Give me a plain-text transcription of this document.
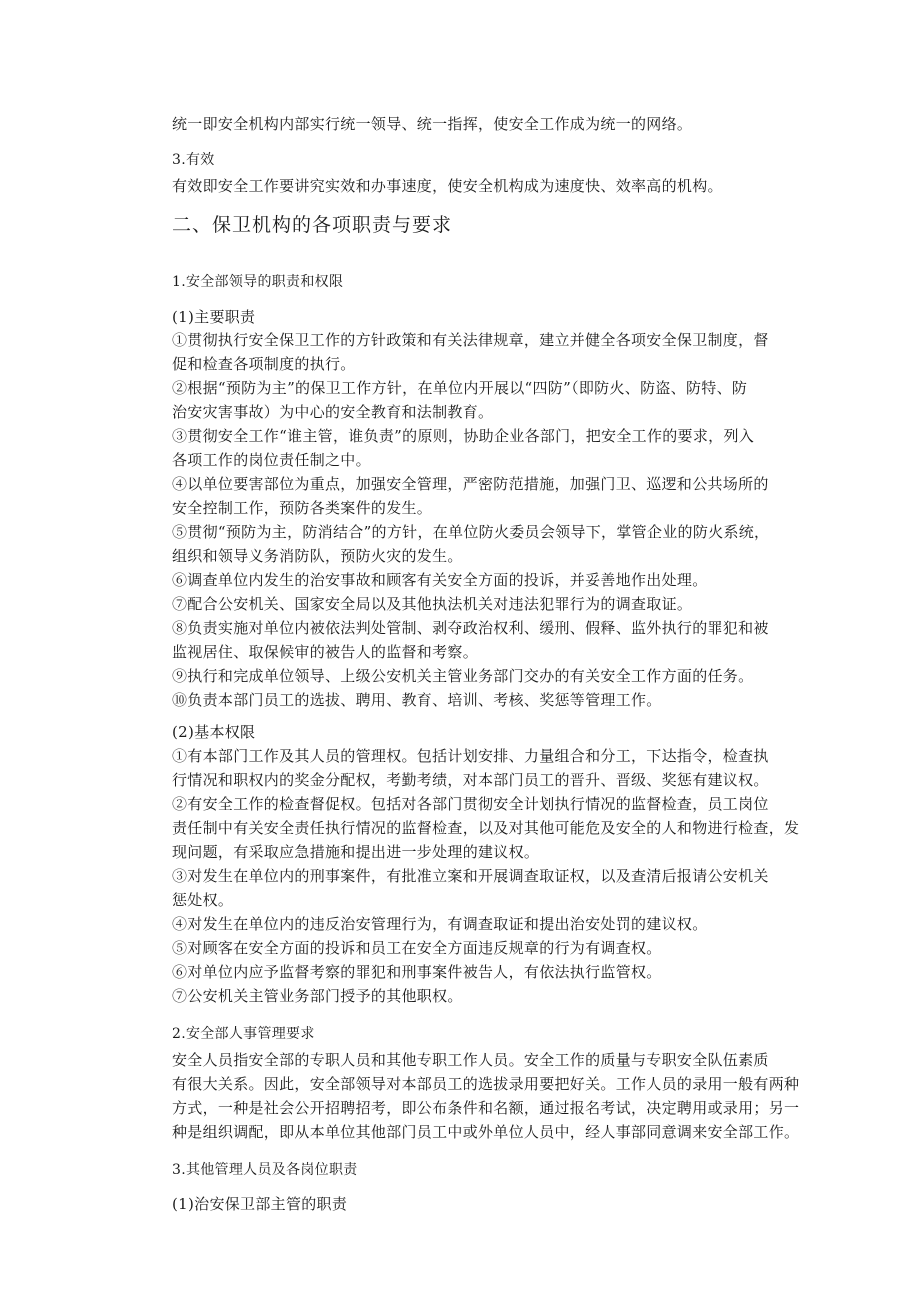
统一即安全机构内部实行统一领导、统一指挥，使安全工作成为统一的网络。
3.有效
有效即安全工作要讲究实效和办事速度，使安全机构成为速度快、效率高的机构。
二、保卫机构的各项职责与要求
1.安全部领导的职责和权限
(1)主要职责
①贯彻执行安全保卫工作的方针政策和有关法律规章，建立并健全各项安全保卫制度，督
促和检查各项制度的执行。
②根据“预防为主”的保卫工作方针，在单位内开展以“四防”（即防火、防盗、防特、防
治安灾害事故）为中心的安全教育和法制教育。
③贯彻安全工作“谁主管，谁负责”的原则，协助企业各部门，把安全工作的要求，列入
各项工作的岗位责任制之中。
④以单位要害部位为重点，加强安全管理，严密防范措施，加强门卫、巡逻和公共场所的
安全控制工作，预防各类案件的发生。
⑤贯彻“预防为主，防消结合”的方针，在单位防火委员会领导下，掌管企业的防火系统，
组织和领导义务消防队，预防火灾的发生。
⑥调查单位内发生的治安事故和顾客有关安全方面的投诉，并妥善地作出处理。
⑦配合公安机关、国家安全局以及其他执法机关对违法犯罪行为的调查取证。
⑧负责实施对单位内被依法判处管制、剥夺政治权利、缓刑、假释、监外执行的罪犯和被
监视居住、取保候审的被告人的监督和考察。
⑨执行和完成单位领导、上级公安机关主管业务部门交办的有关安全工作方面的任务。
⑩负责本部门员工的选拔、聘用、教育、培训、考核、奖惩等管理工作。
(2)基本权限
①有本部门工作及其人员的管理权。包括计划安排、力量组合和分工，下达指令，检查执
行情况和职权内的奖金分配权，考勤考绩，对本部门员工的晋升、晋级、奖惩有建议权。
②有安全工作的检查督促权。包括对各部门贯彻安全计划执行情况的监督检查，员工岗位
责任制中有关安全责任执行情况的监督检查，以及对其他可能危及安全的人和物进行检查，发
现问题，有采取应急措施和提出进一步处理的建议权。
③对发生在单位内的刑事案件，有批准立案和开展调查取证权，以及查清后报请公安机关
惩处权。
④对发生在单位内的违反治安管理行为，有调查取证和提出治安处罚的建议权。
⑤对顾客在安全方面的投诉和员工在安全方面违反规章的行为有调查权。
⑥对单位内应予监督考察的罪犯和刑事案件被告人，有依法执行监管权。
⑦公安机关主管业务部门授予的其他职权。
2.安全部人事管理要求
安全人员指安全部的专职人员和其他专职工作人员。安全工作的质量与专职安全队伍素质
有很大关系。因此，安全部领导对本部员工的选拔录用要把好关。工作人员的录用一般有两种
方式，一种是社会公开招聘招考，即公布条件和名额，通过报名考试，决定聘用或录用；另一
种是组织调配，即从本单位其他部门员工中或外单位人员中，经人事部同意调来安全部工作。
3.其他管理人员及各岗位职责
(1)治安保卫部主管的职责
